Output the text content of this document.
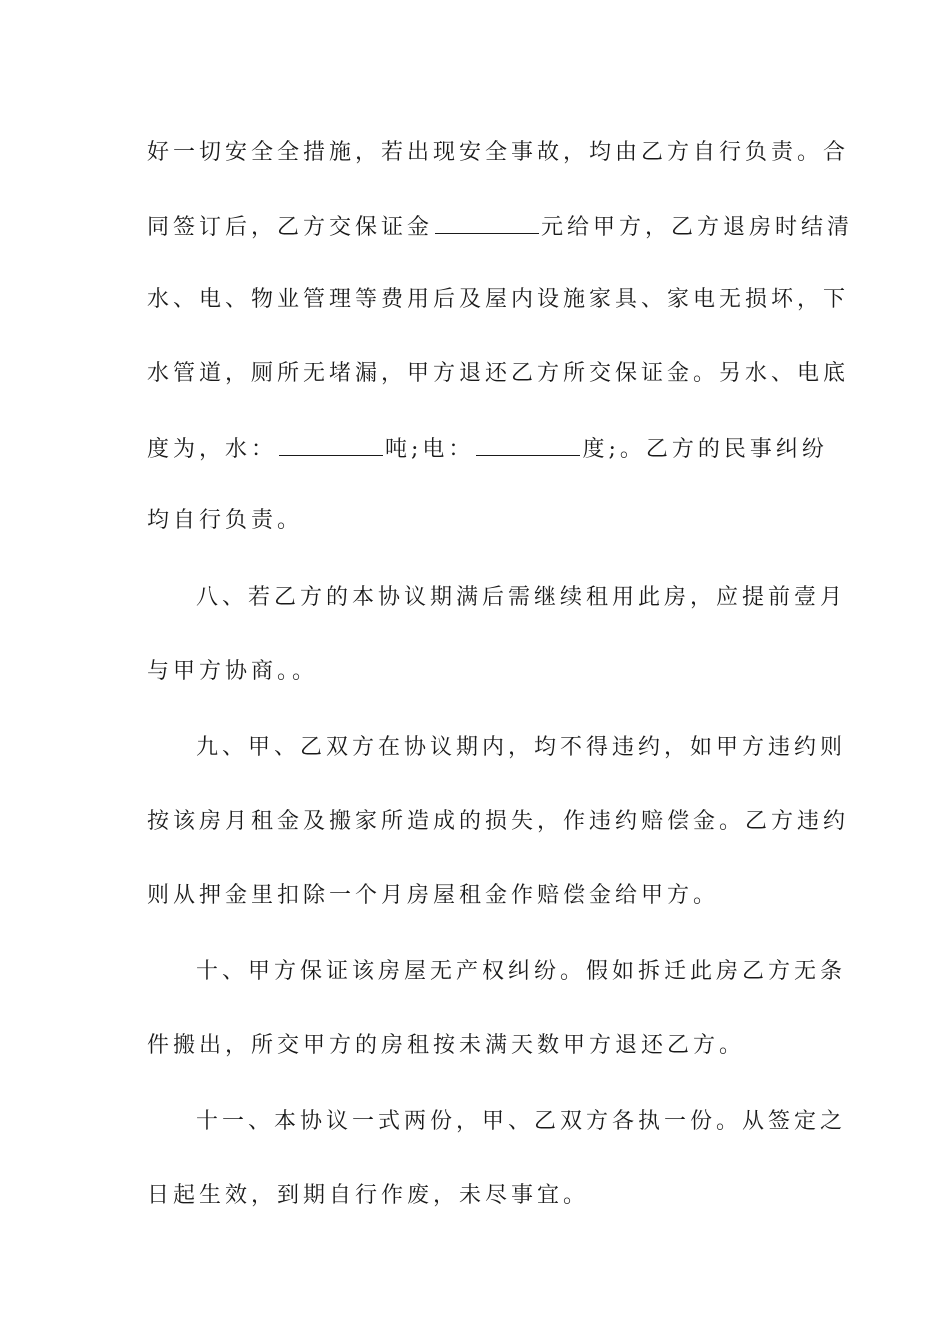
好一切安全全措施，若出现安全事故，均由乙方自行负责。合
同签订后，乙方交保证金	元给甲方，乙方退房时结清
水、电、物业管理等费用后及屋内设施家具、家电无损坏，下
水管道，厕所无堵漏，甲方退还乙方所交保证金。另水、电底
度为，水：	吨;电：	度;。乙方的民事纠纷
均自行负责。
八、若乙方的本协议期满后需继续租用此房，应提前壹月
与甲方协商。。
九、甲、乙双方在协议期内，均不得违约，如甲方违约则
按该房月租金及搬家所造成的损失，作违约赔偿金。乙方违约
则从押金里扣除一个月房屋租金作赔偿金给甲方。
十、甲方保证该房屋无产权纠纷。假如拆迁此房乙方无条
件搬出，所交甲方的房租按未满天数甲方退还乙方。
十一、本协议一式两份，甲、乙双方各执一份。从签定之
日起生效，到期自行作废，未尽事宜。
